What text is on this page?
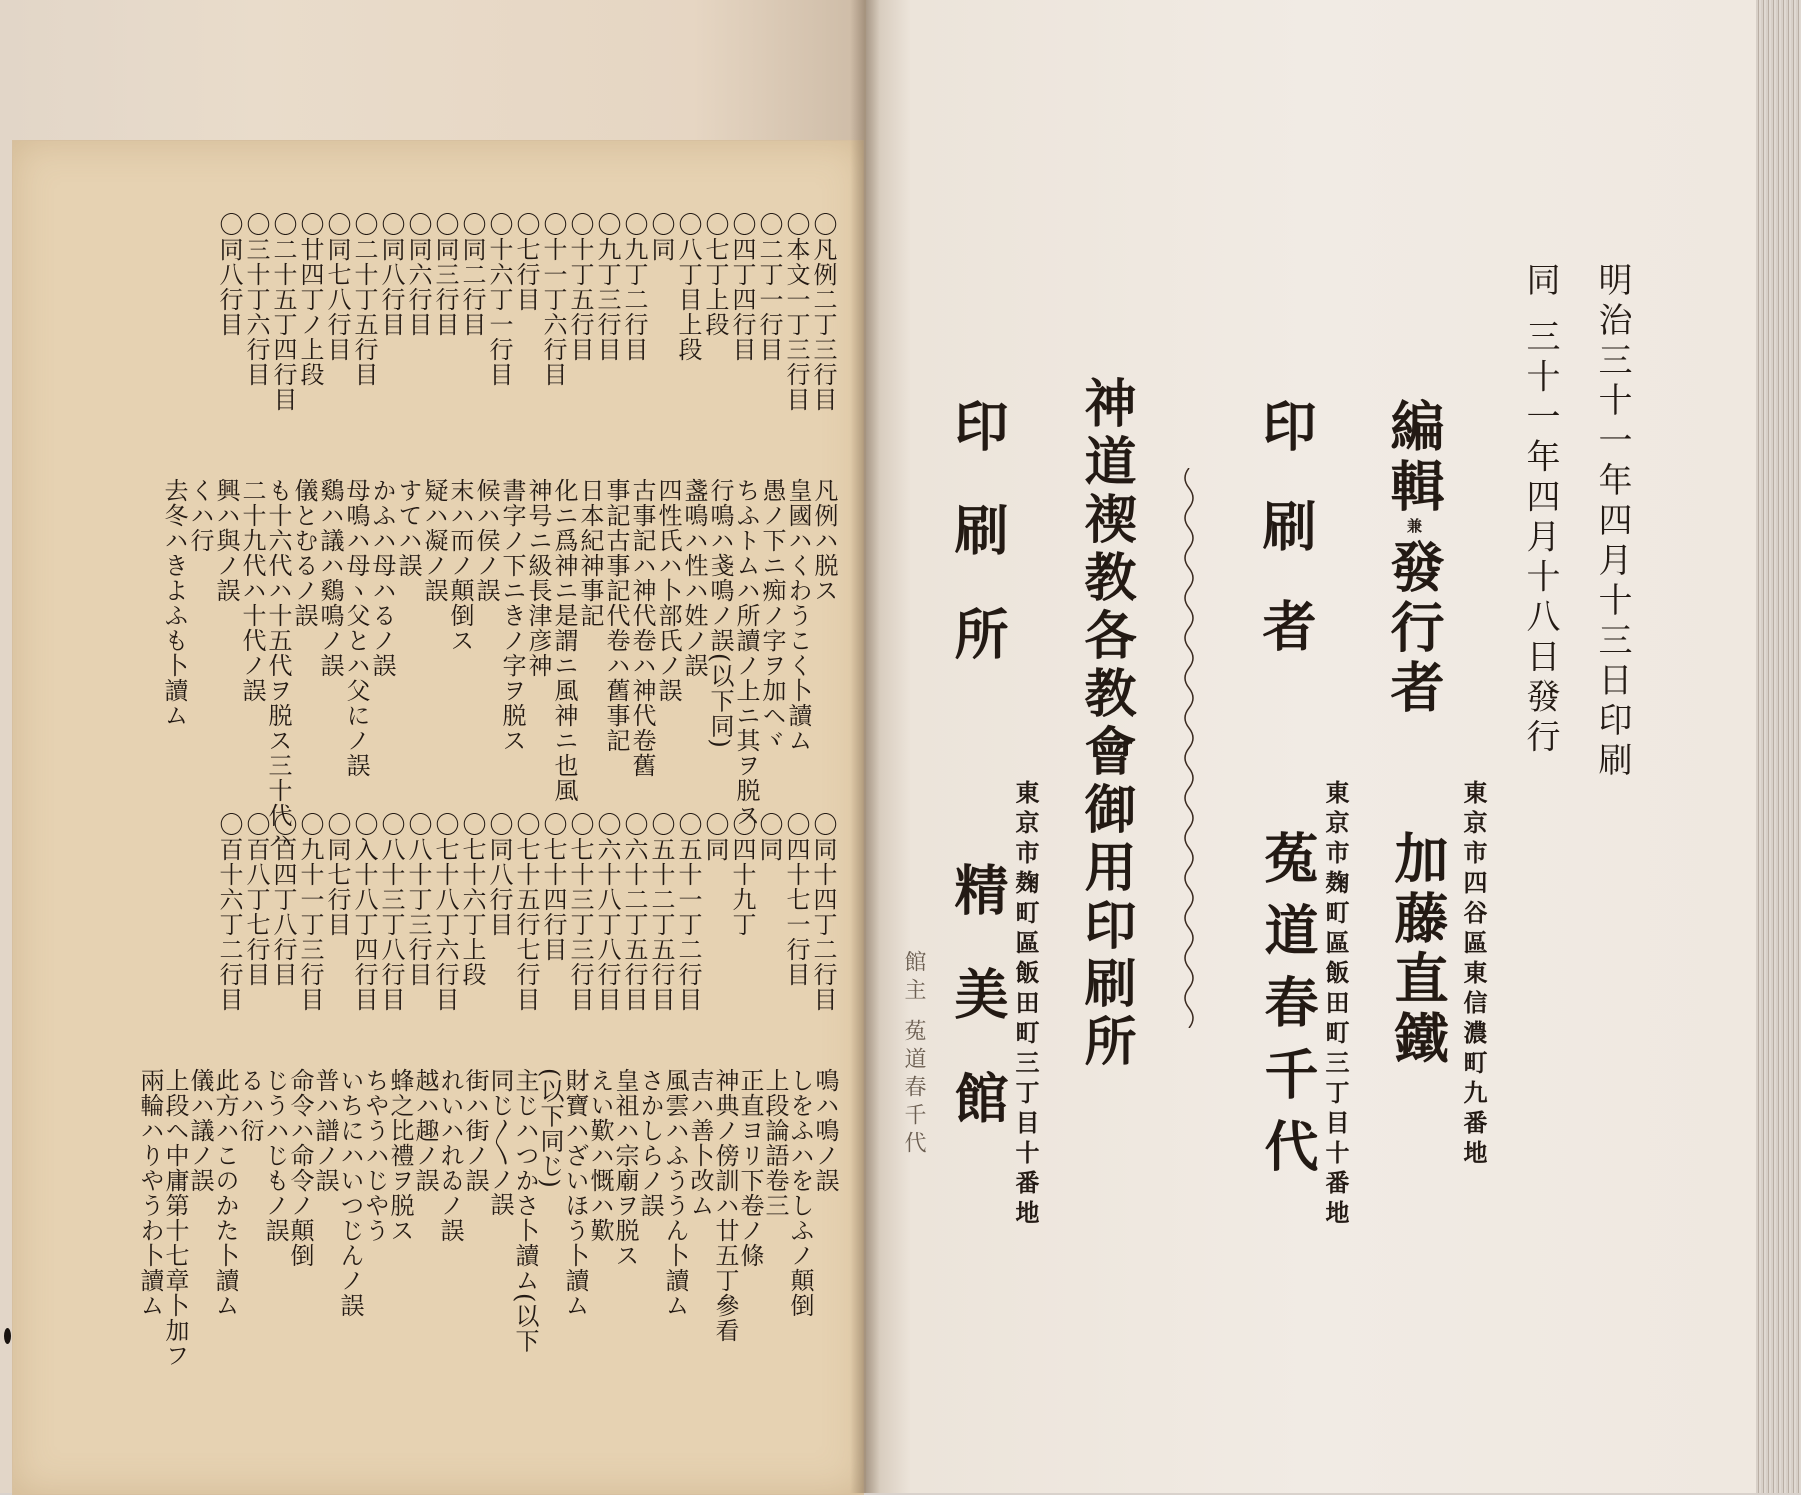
〇凡例二丁三行目
〇本文一丁三行目
〇二丁一行目
〇四丁四行目
〇七丁上段
〇八丁目上段
〇同
〇九丁二行目
〇九丁三行目
〇十丁五行目
〇十一丁六行目
〇七行目
〇十六丁一行目
〇同二行目
〇同三行目
〇同六行目
〇同八行目
〇二十丁五行目
〇同七八行目
〇廿四丁ノ上段
〇二十五丁四行目
〇三十丁六行目
〇同八行目
凡例ハ脱ス
皇國ハくわうこく卜讀ム
愚ノ下ニ痴ノ字ヲ加ヘヾ
ちふトムハ所讀ノ上ニ其ヲ脱ス
行鳴ハ戔鳴ノ誤(以下同)
盞鳴ハ性ハ姓ノ誤
四性氏ハ卜部氏ノ誤
古事記ハ神代卷ハ神代卷舊
事記古事記代卷ハ舊事記
日本紀神事記
化ニ爲神ニ是謂ニ風神ニ也風
神号ニ級長津彦神
書字ノ下ニきノ字ヲ脱ス
候ハ侯ノ誤
末ハ而ノ顛倒ス
疑ハ凝ノ誤
すてハ誤
かふハ母ハるノ誤
母鳴ハ母ヽ父とハ父にノ誤
鷄ハ議ハ鷄鳴ノ誤
儀とむるノ誤
も十六代ハ十五代ヲ脱ス三十代ハ
二十九代ハ十代ノ誤
興ハ與ノ誤
くハ行
去冬ハきよふも卜讀ム
〇同十四丁二行目
〇四十七一行目
〇同
〇四十九丁
〇同
〇五十一丁二行目
〇五十二丁五行目
〇六十二丁五行目
〇六十八丁八行目
〇七十三丁三行目
〇七十四行目
〇七十五行七行目
〇同八行目
〇七十六丁上段
〇七十八丁六行目
〇八十丁三行目
〇八十三丁八行目
〇入十八丁四行目
〇同七行目
〇九十一丁三行目
〇百四丁八行目
〇百八丁七行目
〇百十六丁二行目
鳴ハ鳴ノ誤
しをふハをしふノ顛倒
上段論語卷三
正直ヨリ下卷ノ條
神典ノ傍訓ハ廿五丁參看
吉ハ善卜改ム
風雲ハふううん卜讀ム
さかしらノ誤
皇祖ハ宗廟ヲ脱ス
えい歎ハ慨ハ歎
財寶ハざいほう卜讀ム
(以下同じ)
主じハつかさ卜讀ム(以下
同じ〳〵ノ誤
街ハ街ノ誤
れいハれゐノ誤
越ハ趣ノ誤
蜂之比禮ヲ脱ス
ちやうハじやう
いちにハいつじんノ誤
普ハ譜ノ誤
命令ハ命令ノ顛倒
じうハじもノ誤
るハ衍
此方ハこのかた卜讀ム
儀ハ議ノ誤
上段ヘ中庸第十七章卜加フ
兩輪ハりやうわ卜讀ム
明治三十一年四月十三日印刷
同 三十一年四月十八日發行
編輯兼發行者
東京市四谷區東信濃町九番地
加藤直鐵
印刷者
東京市麹町區飯田町三丁目十番地
菟道春千代
神道禊教各教會御用印刷所
東京市麹町區飯田町三丁目十番地
印刷所
精美館
館主 菟道春千代
